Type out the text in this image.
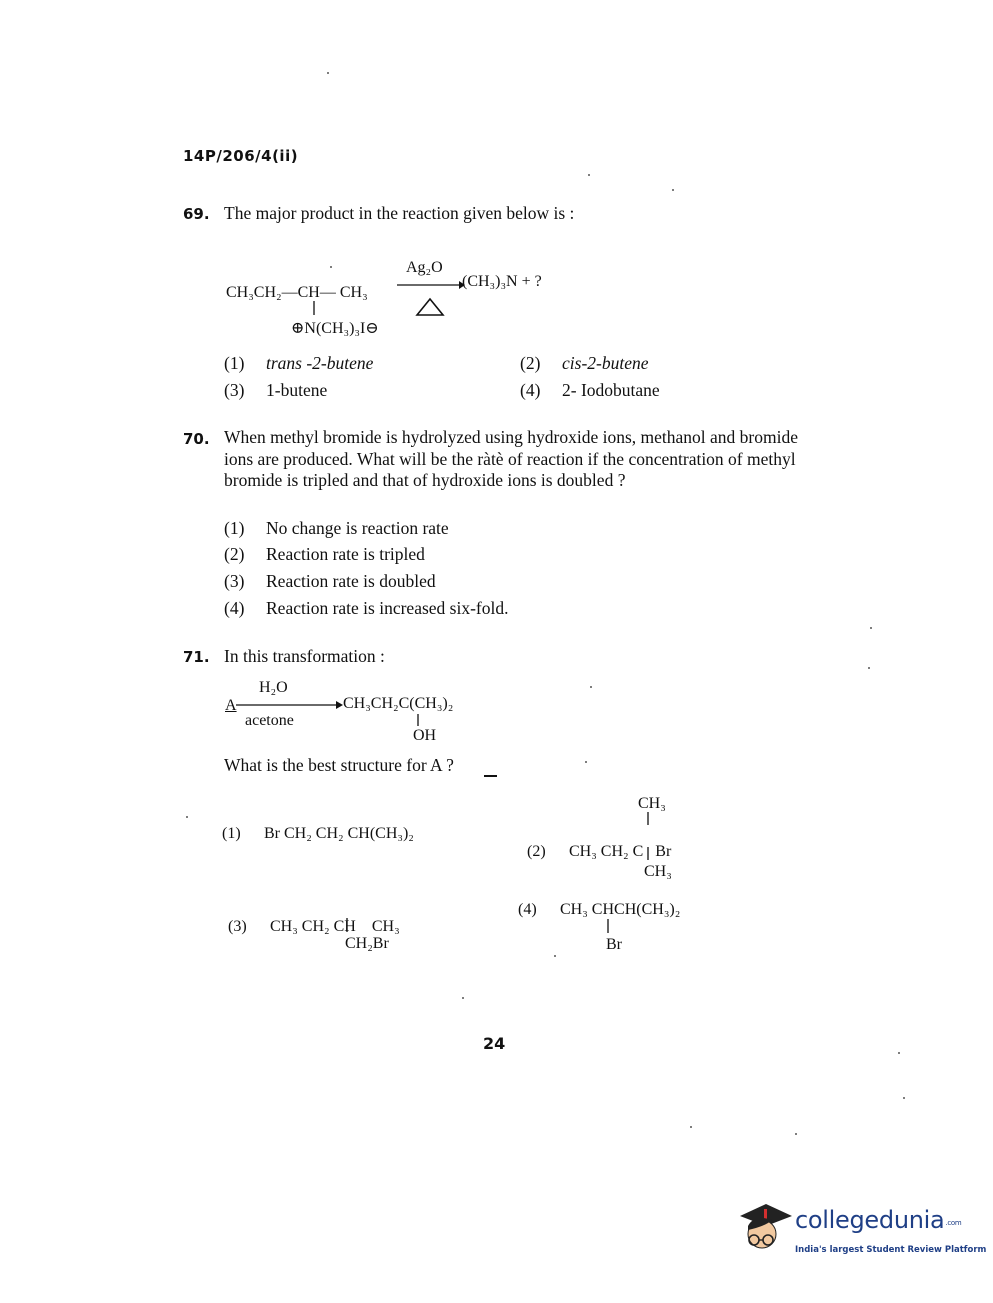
14P/206/4(ii)
69. The major product in the reaction given below is :
Ag₂O
CH₃CH₂—CH— CH₃
(CH₃)₃N + ?
⊕N(CH₃)₃I⊖
(1) trans -2-butene	(2) cis-2-butene
(3) 1-butene	(4) 2- Iodobutane
70. When methyl bromide is hydrolyzed using hydroxide ions, methanol and bromide ions are produced. What will be the ràtè of reaction if the concentration of methyl bromide is tripled and that of hydroxide ions is doubled ?
(1) No change is reaction rate
(2) Reaction rate is tripled
(3) Reaction rate is doubled
(4) Reaction rate is increased six-fold.
71. In this transformation :
H₂O
A	CH₃CH₂C(CH₃)₂
acetone
OH
What is the best structure for A ?
(1) Br CH₂ CH₂ CH(CH₃)₂
CH₃

(2) CH₃ CH₂ C   Br

CH₃

(3) CH₃ CH₂ CH    CH₃

CH₂Br
(4) CH₃ CHCH(CH₃)₂
Br
24
collegedunia.com
India's largest Student Review Platform
